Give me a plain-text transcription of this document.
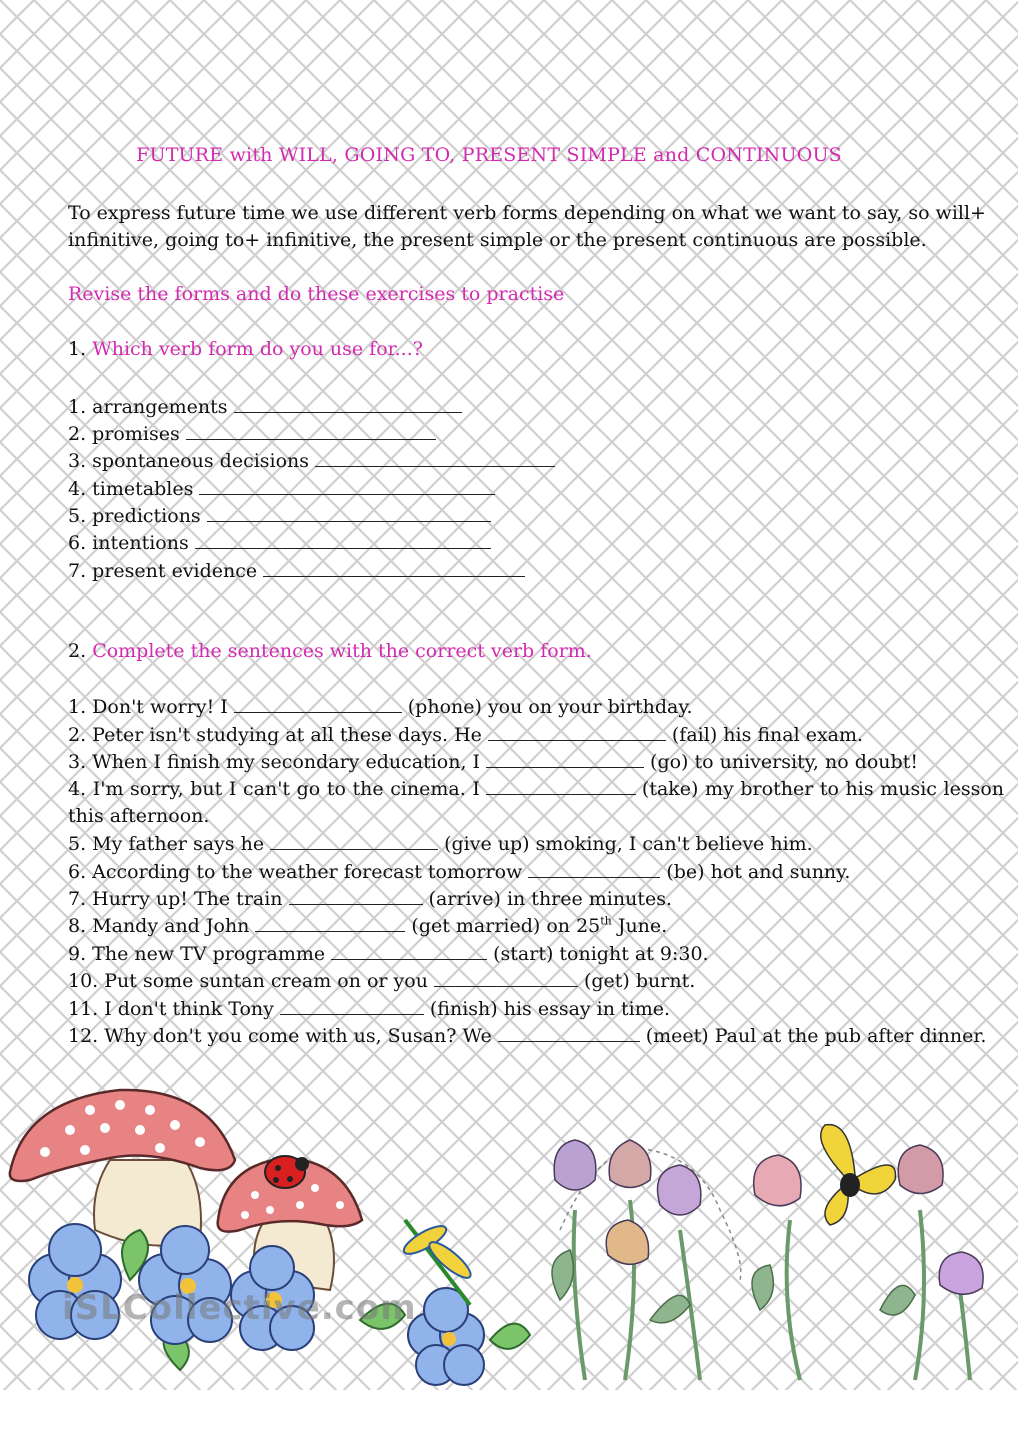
FUTURE with WILL, GOING TO, PRESENT SIMPLE and CONTINUOUS
To express future time we use different verb forms depending on what we want to say, so will+ infinitive, going to+ infinitive, the present simple or the present continuous are possible.
Revise the forms and do these exercises to practise
1. Which verb form do you use for...?
1. arrangements
2. promises
3. spontaneous decisions
4. timetables
5. predictions
6. intentions
7. present evidence
2. Complete the sentences with the correct verb form.
1. Don't worry! I	(phone) you on your birthday.
2. Peter isn't studying at all these days. He	(fail) his final exam.
3. When I finish my secondary education, I	(go) to university, no doubt!
4. I'm sorry, but I can't go to the cinema. I	(take) my brother to his music lesson this afternoon.
5. My father says he	(give up) smoking, I can't believe him.
6. According to the weather forecast tomorrow	(be) hot and sunny.
7. Hurry up! The train	(arrive) in three minutes.
8. Mandy and John	(get married) on 25th June.
9. The new TV programme	(start) tonight at 9:30.
10. Put some suntan cream on or you	(get) burnt.
11. I don't think Tony	(finish) his essay in time.
12. Why don't you come with us, Susan? We	(meet) Paul at the pub after dinner.
iSLCollective.com
